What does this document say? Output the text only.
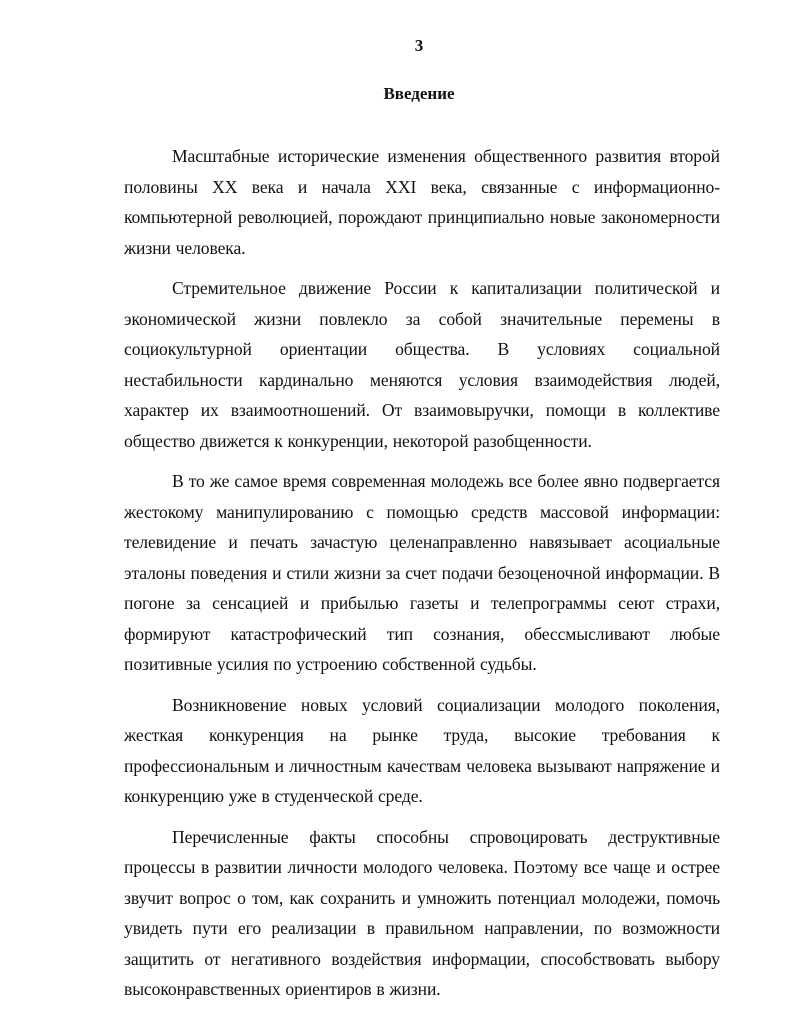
3
Введение

Масштабные исторические изменения общественного развития второй половины XX века и начала XXI века, связанные с информационно-компьютерной революцией, порождают принципиально новые закономерности жизни человека.

Стремительное движение России к капитализации политической и экономической жизни повлекло за собой значительные перемены в социокультурной ориентации общества. В условиях социальной нестабильности кардинально меняются условия взаимодействия людей, характер их взаимоотношений. От взаимовыручки, помощи в коллективе общество движется к конкуренции, некоторой разобщенности.

В то же самое время современная молодежь все более явно подвергается жестокому манипулированию с помощью средств массовой информации: телевидение и печать зачастую целенаправленно навязывает асоциальные эталоны поведения и стили жизни за счет подачи безоценочной информации. В погоне за сенсацией и прибылью газеты и телепрограммы сеют страхи, формируют катастрофический тип сознания, обессмысливают любые позитивные усилия по устроению собственной судьбы.

Возникновение новых условий социализации молодого поколения, жесткая конкуренция на рынке труда, высокие требования к профессиональным и личностным качествам человека вызывают напряжение и конкуренцию уже в студенческой среде.

Перечисленные факты способны спровоцировать деструктивные процессы в развитии личности молодого человека. Поэтому все чаще и острее звучит вопрос о том, как сохранить и умножить потенциал молодежи, помочь увидеть пути его реализации в правильном направлении, по возможности защитить от негативного воздействия информации, способствовать выбору высоконравственных ориентиров в жизни.
